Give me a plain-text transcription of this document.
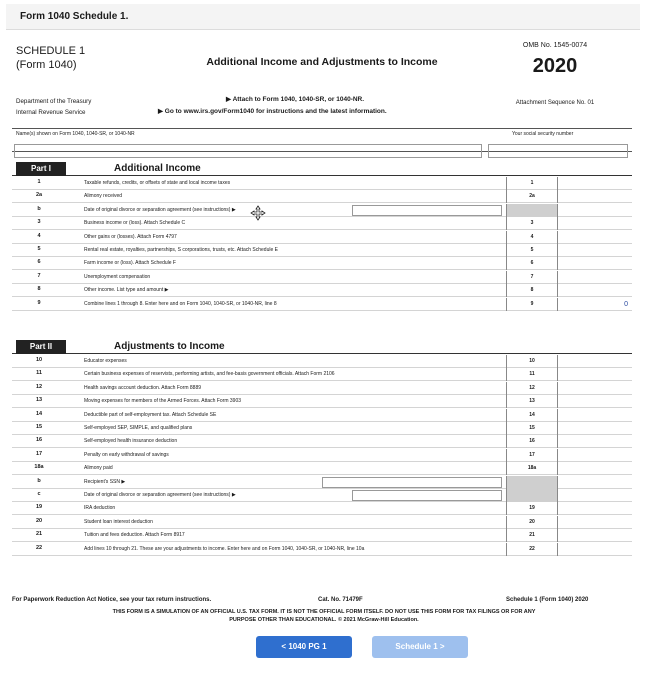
Form 1040 Schedule 1.
SCHEDULE 1
(Form 1040)	Additional Income and Adjustments to Income
OMB No. 1545-0074
2020
Attachment Sequence No. 01
Department of the Treasury
Internal Revenue Service
▶ Attach to Form 1040, 1040-SR, or 1040-NR.
▶ Go to www.irs.gov/Form1040 for instructions and the latest information.
Name(s) shown on Form 1040, 1040-SR, or 1040-NR	Your social security number
Part I	Additional Income
Part II	Adjustments to Income
1	Taxable refunds, credits, or offsets of state and local income taxes	1
2a	Alimony received	2a
b	Date of original divorce or separation agreement (see instructions) ▶
3	Business income or (loss). Attach Schedule C	3
4	Other gains or (losses). Attach Form 4797	4
5	Rental real estate, royalties, partnerships, S corporations, trusts, etc. Attach Schedule E	5
6	Farm income or (loss). Attach Schedule F	6
7	Unemployment compensation	7
8	Other income. List type and amount ▶	8
9	Combine lines 1 through 8. Enter here and on Form 1040, 1040-SR, or 1040-NR, line 8	9	0
10	Educator expenses	10
11	Certain business expenses of reservists, performing artists, and fee-basis government officials. Attach Form 2106	11
12	Health savings account deduction. Attach Form 8889	12
13	Moving expenses for members of the Armed Forces. Attach Form 3903	13
14	Deductible part of self-employment tax. Attach Schedule SE	14
15	Self-employed SEP, SIMPLE, and qualified plans	15
16	Self-employed health insurance deduction	16
17	Penalty on early withdrawal of savings	17
18a	Alimony paid	18a
b	Recipient's SSN ▶
c	Date of original divorce or separation agreement (see instructions) ▶
19	IRA deduction	19
20	Student loan interest deduction	20
21	Tuition and fees deduction. Attach Form 8917	21
22	Add lines 10 through 21. These are your adjustments to income. Enter here and on Form 1040, 1040-SR, or 1040-NR, line 10a	22
For Paperwork Reduction Act Notice, see your tax return instructions.	Cat. No. 71479F	Schedule 1 (Form 1040) 2020
THIS FORM IS A SIMULATION OF AN OFFICIAL U.S. TAX FORM. IT IS NOT THE OFFICIAL FORM ITSELF. DO NOT USE THIS FORM FOR TAX FILINGS OR FOR ANY
PURPOSE OTHER THAN EDUCATIONAL. © 2021 McGraw-Hill Education.
< 1040 PG 1	Schedule 1 >
